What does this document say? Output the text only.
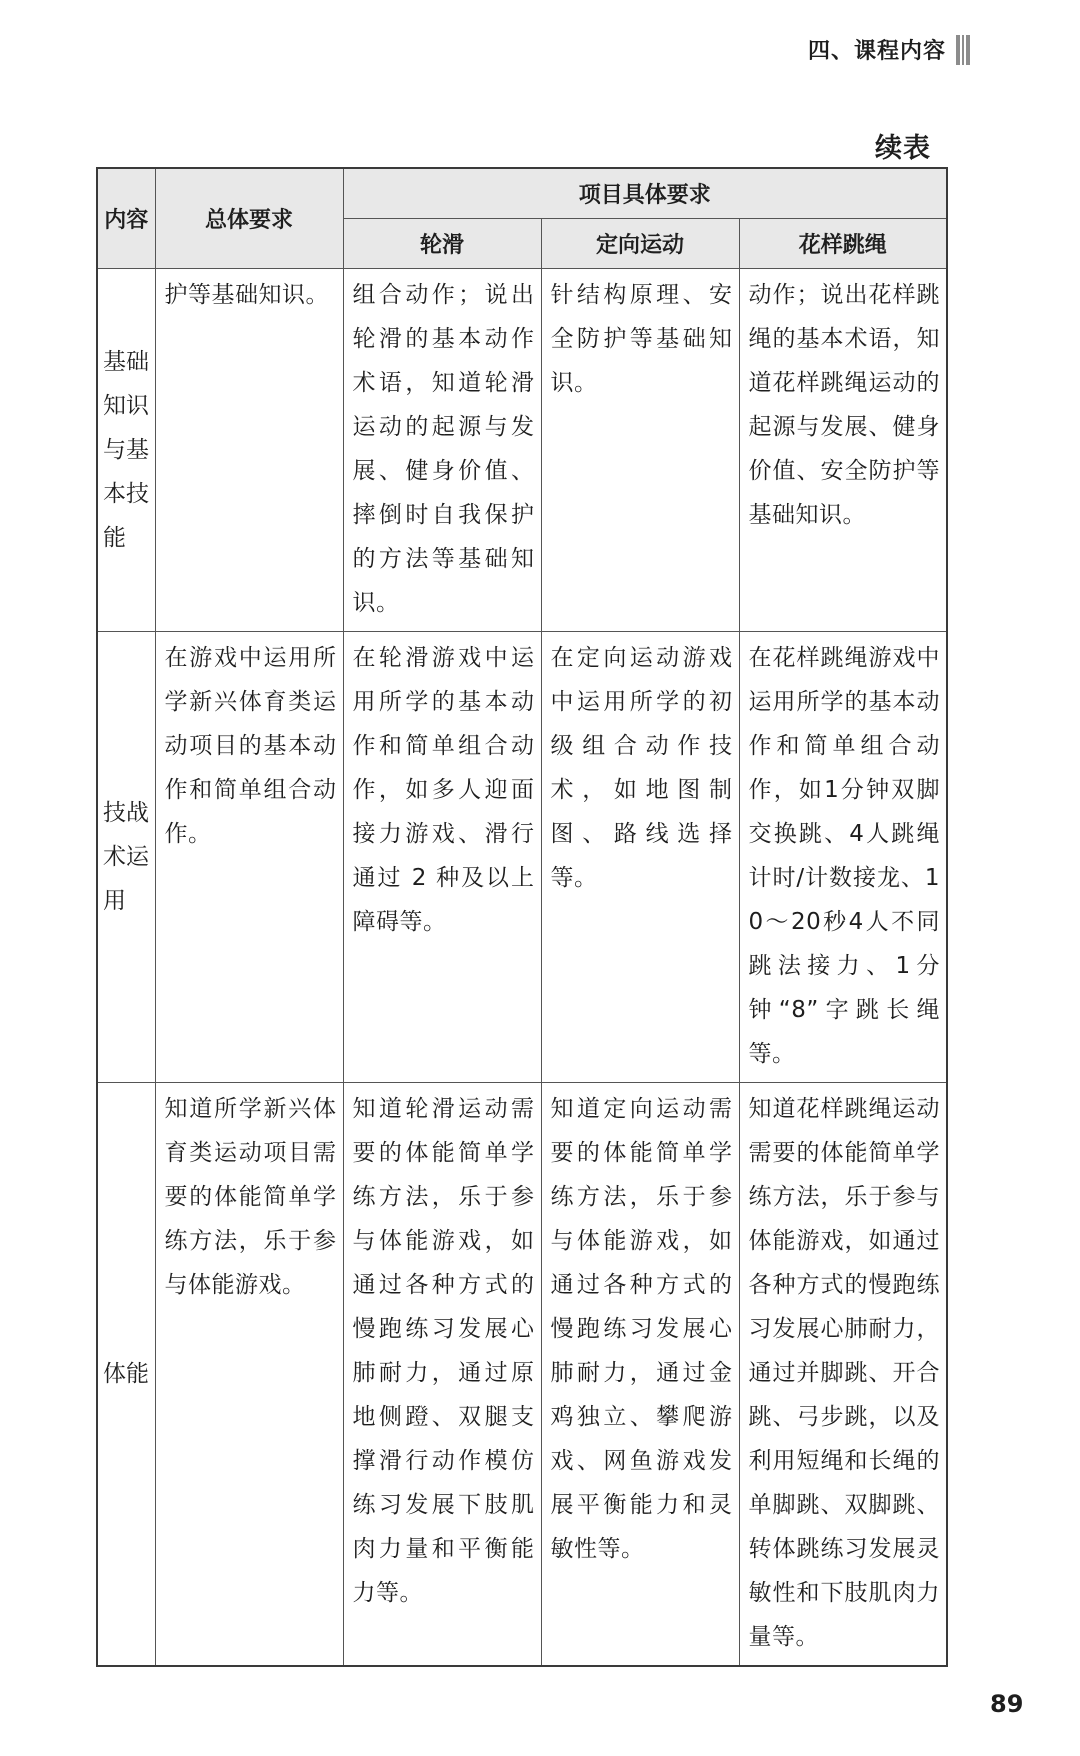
四、课程内容
续表
内容	总体要求	项目具体要求		
		轮滑	定向运动	花样跳绳
基础知识与基本技能	护等基础知识。	组合动作；说出轮滑的基本动作术语，知道轮滑运动的起源与发展、健身价值、摔倒时自我保护的方法等基础知识。	针结构原理、安全防护等基础知识。	动作；说出花样跳绳的基本术语，知道花样跳绳运动的起源与发展、健身价值、安全防护等基础知识。
技战术运用	在游戏中运用所学新兴体育类运动项目的基本动作和简单组合动作。	在轮滑游戏中运用所学的基本动作和简单组合动作，如多人迎面接力游戏、滑行通过 2 种及以上障碍等。	在定向运动游戏中运用所学的初级组合动作技术，如地图制图、路线选择等。	在花样跳绳游戏中运用所学的基本动作和简单组合动作，如1分钟双脚交换跳、4人跳绳计时/计数接龙、10～20秒4人不同跳法接力、1分钟“8”字跳长绳等。
体能	知道所学新兴体育类运动项目需要的体能简单学练方法，乐于参与体能游戏。	知道轮滑运动需要的体能简单学练方法，乐于参与体能游戏，如通过各种方式的慢跑练习发展心肺耐力，通过原地侧蹬、双腿支撑滑行动作模仿练习发展下肢肌肉力量和平衡能力等。	知道定向运动需要的体能简单学练方法，乐于参与体能游戏，如通过各种方式的慢跑练习发展心肺耐力，通过金鸡独立、攀爬游戏、网鱼游戏发展平衡能力和灵敏性等。	知道花样跳绳运动需要的体能简单学练方法，乐于参与体能游戏，如通过各种方式的慢跑练习发展心肺耐力，通过并脚跳、开合跳、弓步跳，以及利用短绳和长绳的单脚跳、双脚跳、转体跳练习发展灵敏性和下肢肌肉力量等。
89
